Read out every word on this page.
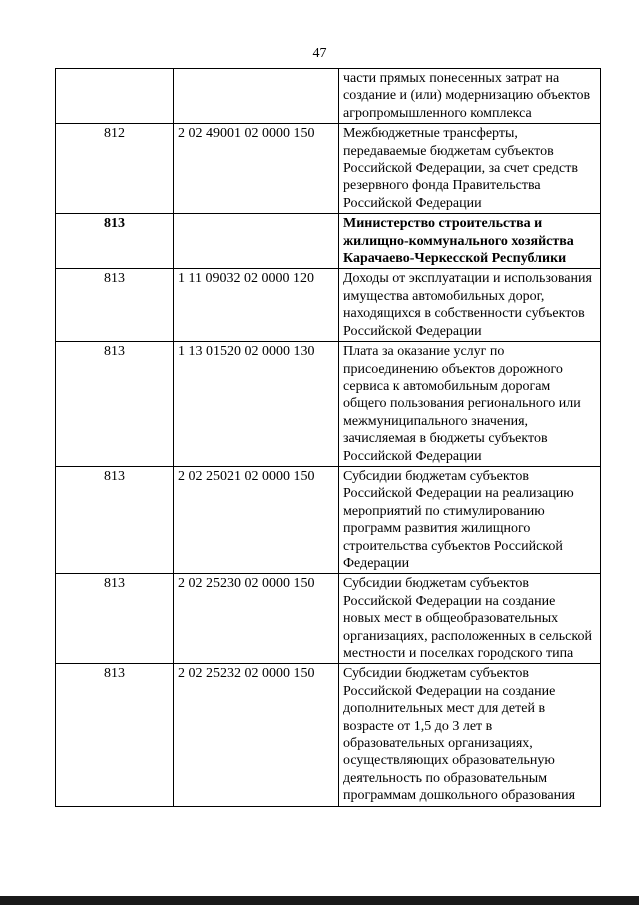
47
		части прямых понесенных затрат на создание и (или) модернизацию объектов агропромышленного комплекса
812	2 02 49001 02 0000 150	Межбюджетные трансферты, передаваемые бюджетам субъектов Российской Федерации, за счет средств резервного фонда Правительства Российской Федерации
813		Министерство строительства и жилищно-коммунального хозяйства Карачаево-Черкесской Республики
813	1 11 09032 02 0000 120	Доходы от эксплуатации и использования имущества автомобильных дорог, находящихся в собственности субъектов Российской Федерации
813	1 13 01520 02 0000 130	Плата за оказание услуг по присоединению объектов дорожного сервиса к автомобильным дорогам общего пользования регионального или межмуниципального значения, зачисляемая в бюджеты субъектов Российской Федерации
813	2 02 25021 02 0000 150	Субсидии бюджетам субъектов Российской Федерации на реализацию мероприятий по стимулированию программ развития жилищного строительства субъектов Российской Федерации
813	2 02 25230 02 0000 150	Субсидии бюджетам субъектов Российской Федерации на создание новых мест в общеобразовательных организациях, расположенных в сельской местности и поселках городского типа
813	2 02 25232 02 0000 150	Субсидии бюджетам субъектов Российской Федерации на создание дополнительных мест для детей в возрасте от 1,5 до 3 лет в образовательных организациях, осуществляющих образовательную деятельность по образовательным программам дошкольного образования
